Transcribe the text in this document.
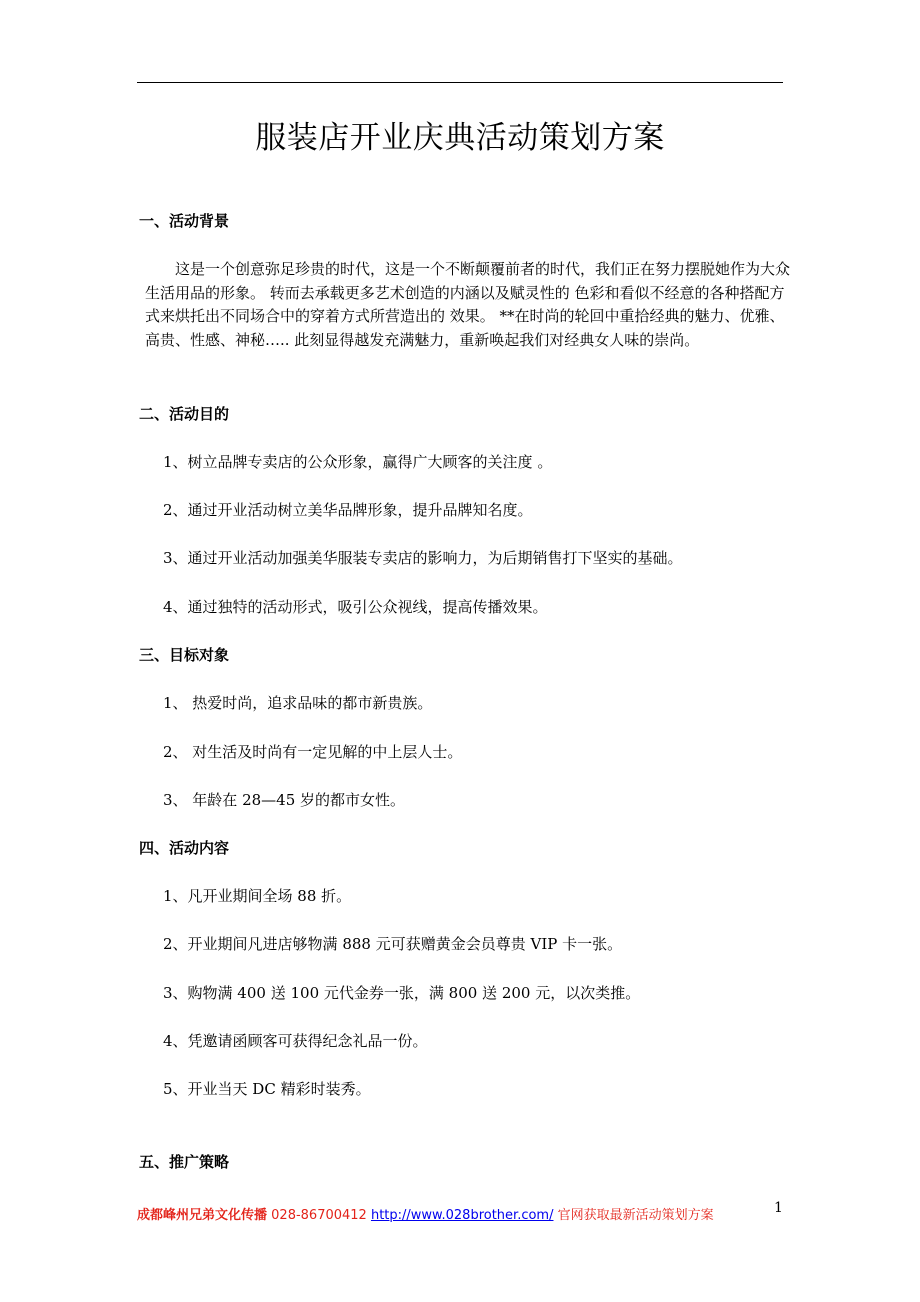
服装店开业庆典活动策划方案
一、活动背景
这是一个创意弥足珍贵的时代，这是一个不断颠覆前者的时代，我们正在努力摆脱她作为大众生活用品的形象。 转而去承载更多艺术创造的内涵以及赋灵性的 色彩和看似不经意的各种搭配方式来烘托出不同场合中的穿着方式所营造出的 效果。 **在时尚的轮回中重拾经典的魅力、优雅、高贵、性感、神秘….. 此刻显得越发充满魅力，重新唤起我们对经典女人味的崇尚。
二、活动目的
1、树立品牌专卖店的公众形象，赢得广大顾客的关注度 。
2、通过开业活动树立美华品牌形象，提升品牌知名度。
3、通过开业活动加强美华服装专卖店的影响力，为后期销售打下坚实的基础。
4、通过独特的活动形式，吸引公众视线，提高传播效果。
三、目标对象
1、 热爱时尚，追求品味的都市新贵族。
2、 对生活及时尚有一定见解的中上层人士。
3、 年龄在 28—45 岁的都市女性。
四、活动内容
1、凡开业期间全场 88 折。
2、开业期间凡进店够物满 888 元可获赠黄金会员尊贵 VIP 卡一张。
3、购物满 400 送 100 元代金券一张，满 800 送 200 元，以次类推。
4、凭邀请函顾客可获得纪念礼品一份。
5、开业当天 DC 精彩时装秀。
五、推广策略
成都峰州兄弟文化传播 028-86700412 http://www.028brother.com/ 官网获取最新活动策划方案	1
